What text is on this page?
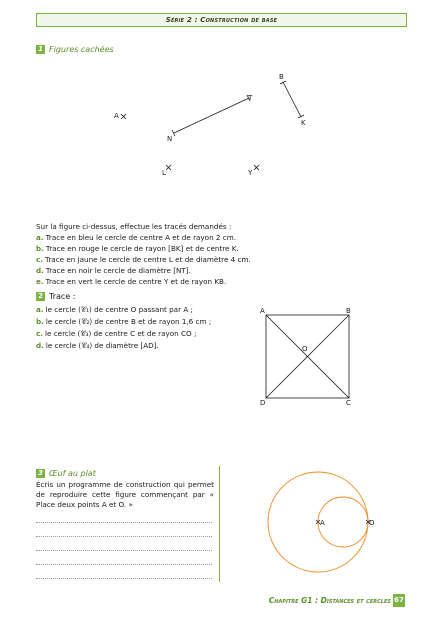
Série 2 : Construction de base
1 Figures cachées
A
N
T
B
K
L	Y
Sur la figure ci-dessus, effectue les tracés demandés :
a. Trace en bleu le cercle de centre A et de rayon 2 cm.
b. Trace en rouge le cercle de rayon [BK] et de centre K.
c. Trace en jaune le cercle de centre L et de diamètre 4 cm.
d. Trace en noir le cercle de diamètre [NT].
e. Trace en vert le cercle de centre Y et de rayon KB.
2 Trace :
a. le cercle (𝒞₁) de centre O passant par A ;
b. le cercle (𝒞₂) de centre B et de rayon 1,6 cm ;
c. le cercle (𝒞₃) de centre C et de rayon CO ;
d. le cercle (𝒞₄) de diamètre [AD].
A	B
C
D
O
3 Œuf au plat
Écris un programme de construction qui permet de reproduire cette figure commençant par « Place deux points A et O. »
A	O
Chapitre G1 : Distances et cercles 67
